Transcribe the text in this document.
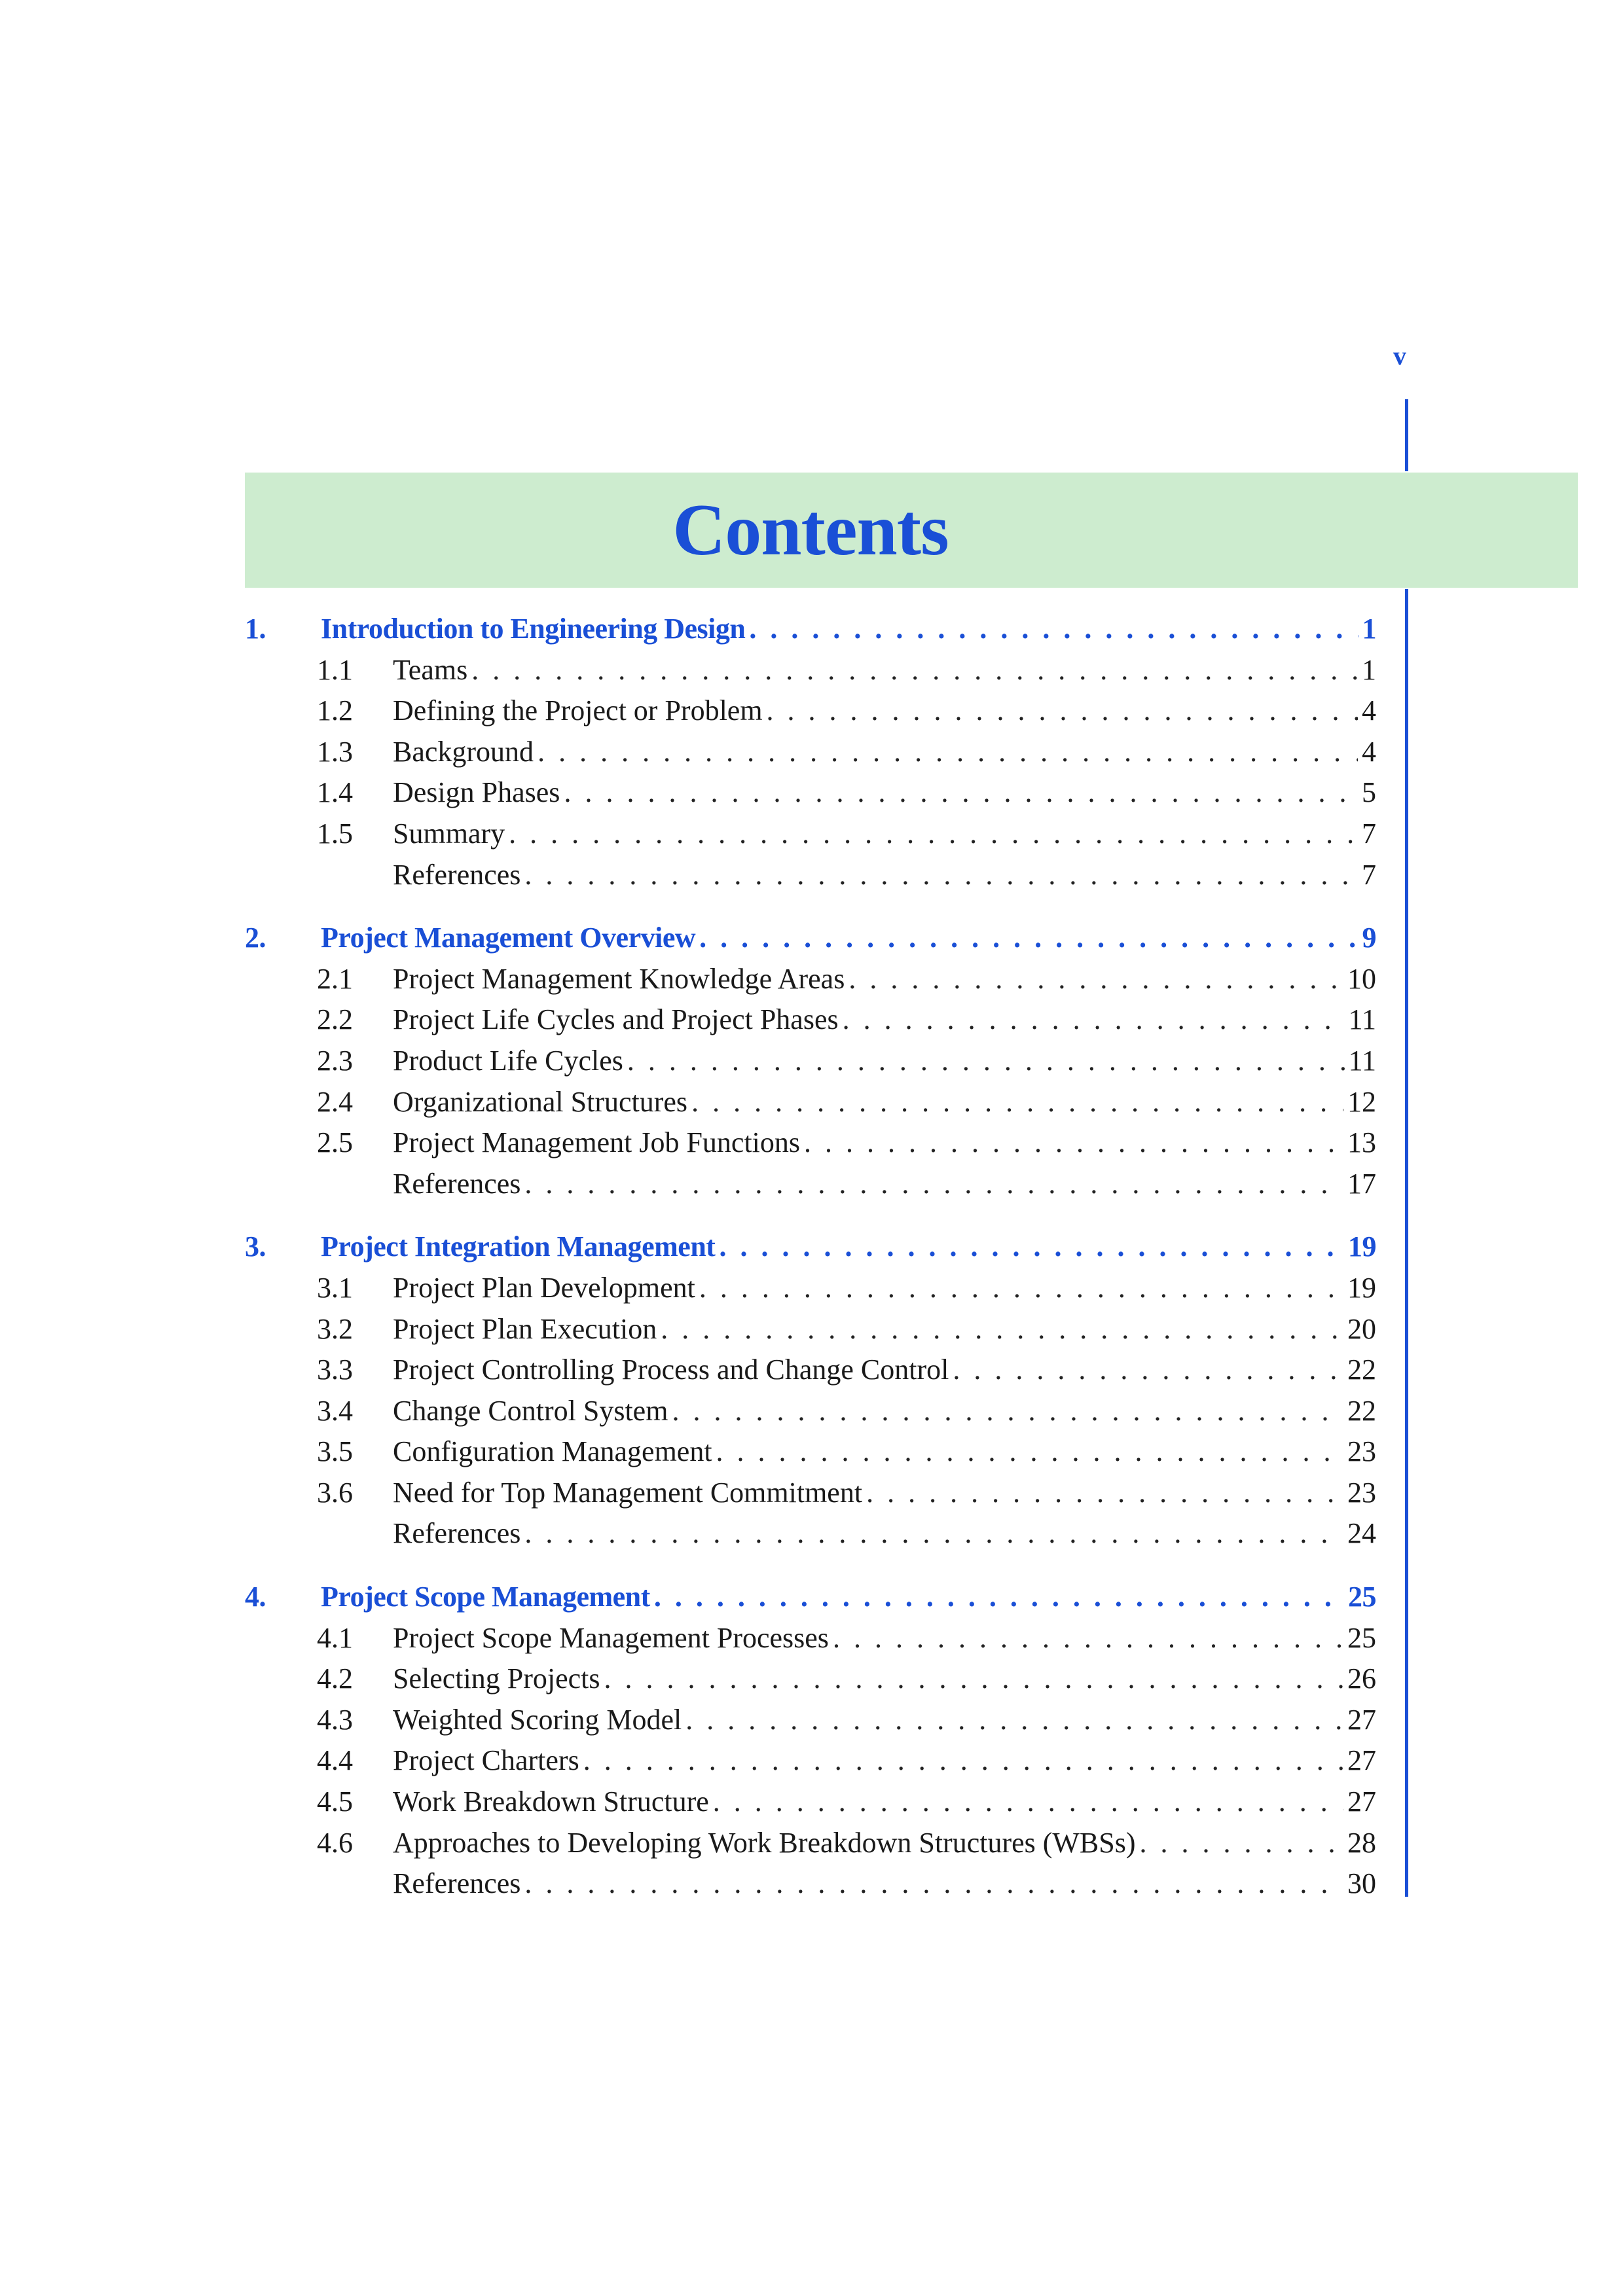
v
Contents
1.	Introduction to Engineering Design . . .	1
1.1	Teams . . .	1
1.2	Defining the Project or Problem . . .	4
1.3	Background . . .	4
1.4	Design Phases . . .	5
1.5	Summary . . .	7
References . . .	7
2.	Project Management Overview . . .	9
2.1	Project Management Knowledge Areas . . .	10
2.2	Project Life Cycles and Project Phases . . .	11
2.3	Product Life Cycles . . .	11
2.4	Organizational Structures . . .	12
2.5	Project Management Job Functions . . .	13
References . . .	17
3.	Project Integration Management . . .	19
3.1	Project Plan Development . . .	19
3.2	Project Plan Execution . . .	20
3.3	Project Controlling Process and Change Control . . .	22
3.4	Change Control System . . .	22
3.5	Configuration Management . . .	23
3.6	Need for Top Management Commitment . . .	23
References . . .	24
4.	Project Scope Management . . .	25
4.1	Project Scope Management Processes . . .	25
4.2	Selecting Projects . . .	26
4.3	Weighted Scoring Model . . .	27
4.4	Project Charters . . .	27
4.5	Work Breakdown Structure . . .	27
4.6	Approaches to Developing Work Breakdown Structures (WBSs) . . .	28
References . . .	30
